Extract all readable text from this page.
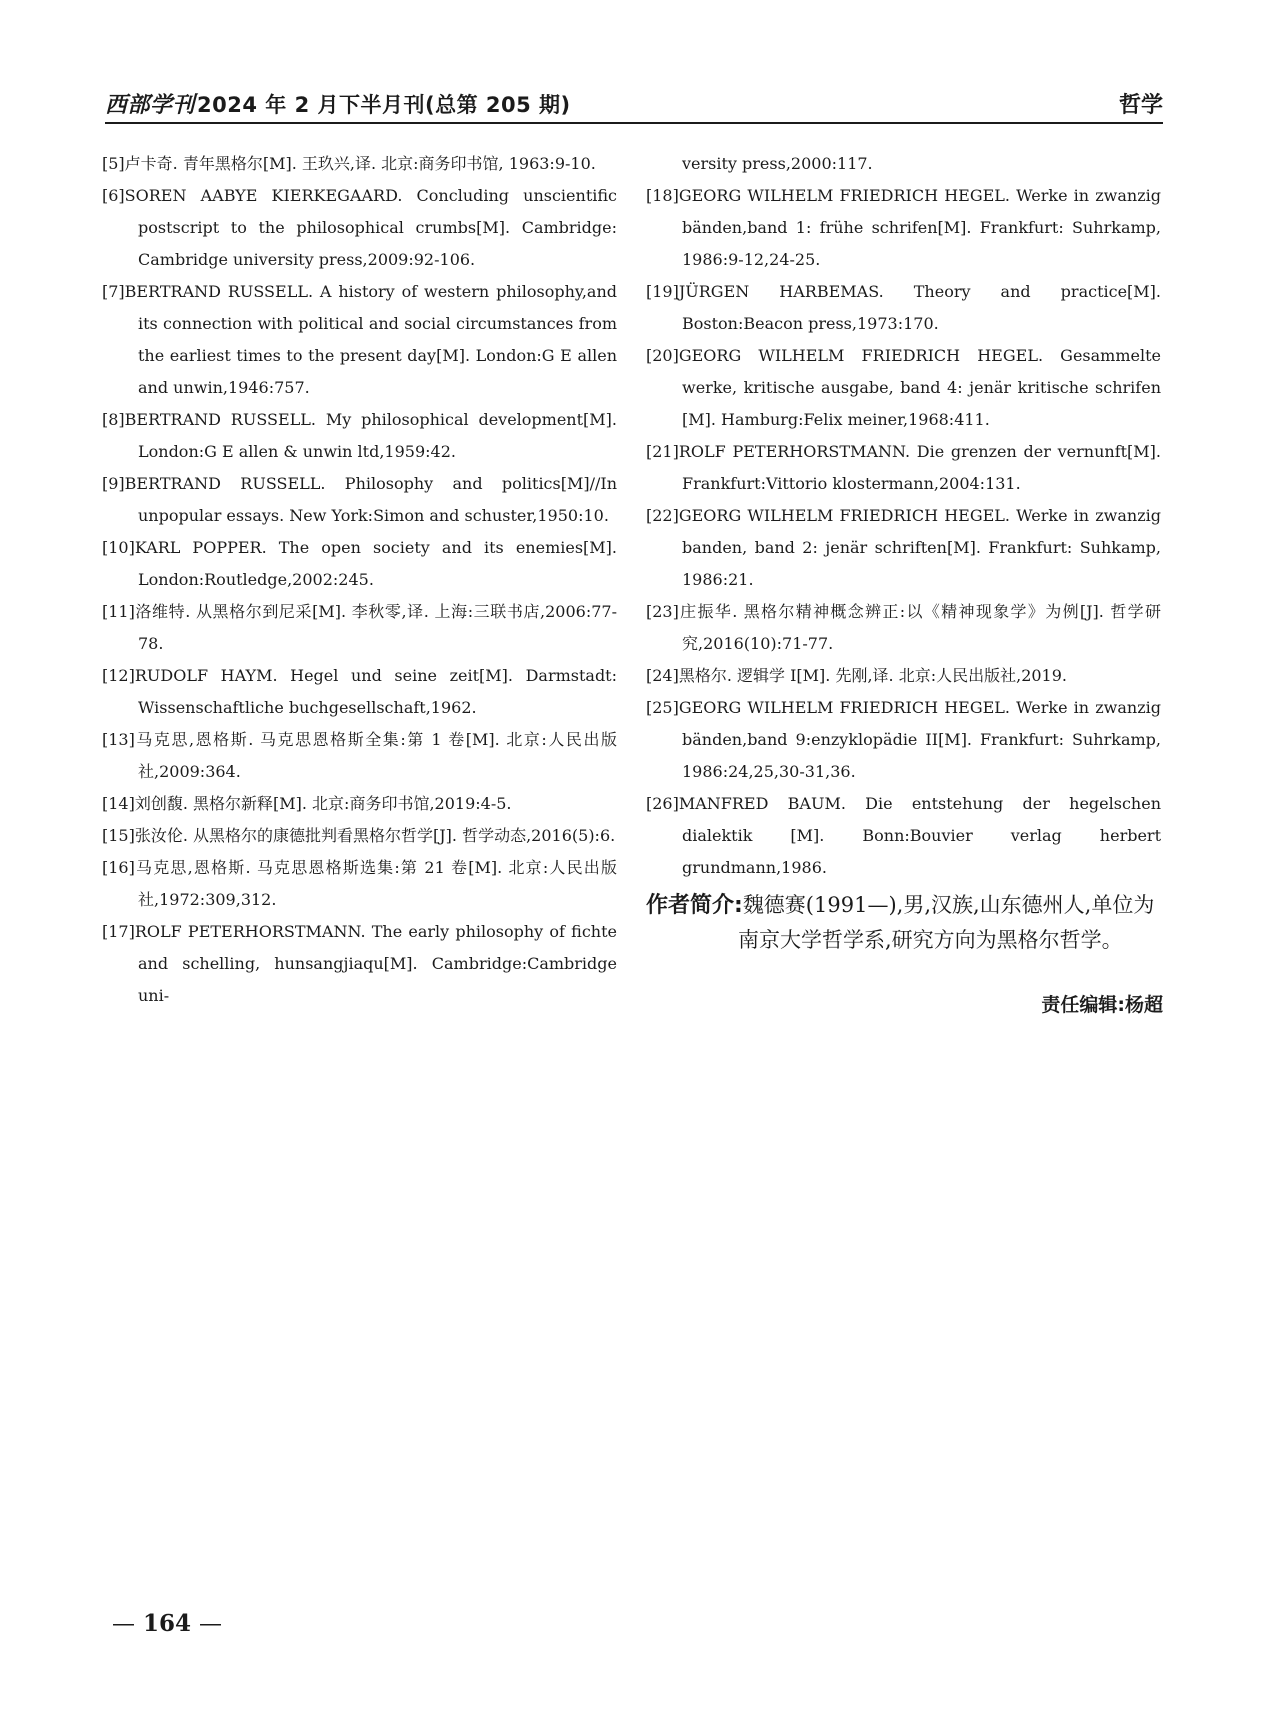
西部学刊2024 年 2 月下半月刊(总第 205 期)	哲学
[5]卢卡奇. 青年黑格尔[M]. 王玖兴,译. 北京:商务印书馆, 1963:9-10.
[6]SOREN AABYE KIERKEGAARD. Concluding unscientific postscript to the philosophical crumbs[M]. Cambridge: Cambridge university press,2009:92-106.
[7]BERTRAND RUSSELL. A history of western philosophy,and its connection with political and social circumstances from the earliest times to the present day[M]. London:G E allen and unwin,1946:757.
[8]BERTRAND RUSSELL. My philosophical development[M]. London:G E allen & unwin ltd,1959:42.
[9]BERTRAND RUSSELL. Philosophy and politics[M]//In unpopular essays. New York:Simon and schuster,1950:10.
[10]KARL POPPER. The open society and its enemies[M]. London:Routledge,2002:245.
[11]洛维特. 从黑格尔到尼采[M]. 李秋零,译. 上海:三联书店,2006:77-78.
[12]RUDOLF HAYM. Hegel und seine zeit[M]. Darmstadt: Wissenschaftliche buchgesellschaft,1962.
[13]马克思,恩格斯. 马克思恩格斯全集:第 1 卷[M]. 北京:人民出版社,2009:364.
[14]刘创馥. 黑格尔新释[M]. 北京:商务印书馆,2019:4-5.
[15]张汝伦. 从黑格尔的康德批判看黑格尔哲学[J]. 哲学动态,2016(5):6.
[16]马克思,恩格斯. 马克思恩格斯选集:第 21 卷[M]. 北京:人民出版社,1972:309,312.
[17]ROLF PETERHORSTMANN. The early philosophy of fichte and schelling, hunsangjiaqu[M]. Cambridge:Cambridge uni-
versity press,2000:117.
[18]GEORG WILHELM FRIEDRICH HEGEL. Werke in zwanzig bänden,band 1: frühe schrifen[M]. Frankfurt: Suhrkamp, 1986:9-12,24-25.
[19]JÜRGEN HARBEMAS. Theory and practice[M]. Boston:Beacon press,1973:170.
[20]GEORG WILHELM FRIEDRICH HEGEL. Gesammelte werke, kritische ausgabe, band 4: jenär kritische schrifen [M]. Hamburg:Felix meiner,1968:411.
[21]ROLF PETERHORSTMANN. Die grenzen der vernunft[M]. Frankfurt:Vittorio klostermann,2004:131.
[22]GEORG WILHELM FRIEDRICH HEGEL. Werke in zwanzig banden, band 2: jenär schriften[M]. Frankfurt: Suhkamp, 1986:21.
[23]庄振华. 黑格尔精神概念辨正:以《精神现象学》为例[J]. 哲学研究,2016(10):71-77.
[24]黑格尔. 逻辑学 I[M]. 先刚,译. 北京:人民出版社,2019.
[25]GEORG WILHELM FRIEDRICH HEGEL. Werke in zwanzig bänden,band 9:enzyklopädie II[M]. Frankfurt: Suhrkamp, 1986:24,25,30-31,36.
[26]MANFRED BAUM. Die entstehung der hegelschen dialektik [M]. Bonn:Bouvier verlag herbert grundmann,1986.
作者简介:魏德赛(1991—),男,汉族,山东德州人,单位为南京大学哲学系,研究方向为黑格尔哲学。
责任编辑:杨超
— 164 —
